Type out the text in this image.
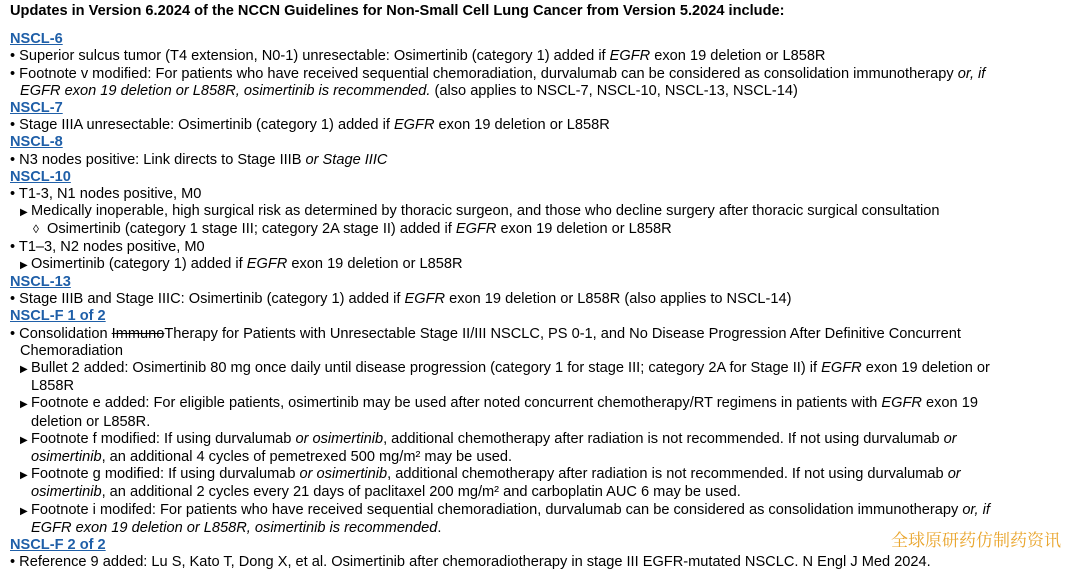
Updates in Version 6.2024 of the NCCN Guidelines for Non-Small Cell Lung Cancer from Version 5.2024 include:
NSCL-6
• Superior sulcus tumor (T4 extension, N0-1) unresectable: Osimertinib (category 1) added if EGFR exon 19 deletion or L858R
• Footnote v modified: For patients who have received sequential chemoradiation, durvalumab can be considered as consolidation immunotherapy or, if
EGFR exon 19 deletion or L858R, osimertinib is recommended. (also applies to NSCL-7, NSCL-10, NSCL-13, NSCL-14)
NSCL-7
• Stage IIIA unresectable: Osimertinib (category 1) added if EGFR exon 19 deletion or L858R
NSCL-8
• N3 nodes positive: Link directs to Stage IIIB or Stage IIIC
NSCL-10
• T1-3, N1 nodes positive, M0
▶ Medically inoperable, high surgical risk as determined by thoracic surgeon, and those who decline surgery after thoracic surgical consultation
◊ Osimertinib (category 1 stage III; category 2A stage II) added if EGFR exon 19 deletion or L858R
• T1–3, N2 nodes positive, M0
▶ Osimertinib (category 1) added if EGFR exon 19 deletion or L858R
NSCL-13
• Stage IIIB and Stage IIIC: Osimertinib (category 1) added if EGFR exon 19 deletion or L858R (also applies to NSCL-14)
NSCL-F 1 of 2
• Consolidation ImmunoTherapy for Patients with Unresectable Stage II/III NSCLC, PS 0-1, and No Disease Progression After Definitive Concurrent
Chemoradiation
▶ Bullet 2 added: Osimertinib 80 mg once daily until disease progression (category 1 for stage III; category 2A for Stage II) if EGFR exon 19 deletion or
L858R
▶ Footnote e added: For eligible patients, osimertinib may be used after noted concurrent chemotherapy/RT regimens in patients with EGFR exon 19
deletion or L858R.
▶ Footnote f modified: If using durvalumab or osimertinib, additional chemotherapy after radiation is not recommended. If not using durvalumab or
osimertinib, an additional 4 cycles of pemetrexed 500 mg/m² may be used.
▶ Footnote g modified: If using durvalumab or osimertinib, additional chemotherapy after radiation is not recommended. If not using durvalumab or
osimertinib, an additional 2 cycles every 21 days of paclitaxel 200 mg/m² and carboplatin AUC 6 may be used.
▶ Footnote i modifed: For patients who have received sequential chemoradiation, durvalumab can be considered as consolidation immunotherapy or, if
EGFR exon 19 deletion or L858R, osimertinib is recommended.
NSCL-F 2 of 2
• Reference 9 added: Lu S, Kato T, Dong X, et al. Osimertinib after chemoradiotherapy in stage III EGFR-mutated NSCLC. N Engl J Med 2024.
全球原研药仿制药资讯
